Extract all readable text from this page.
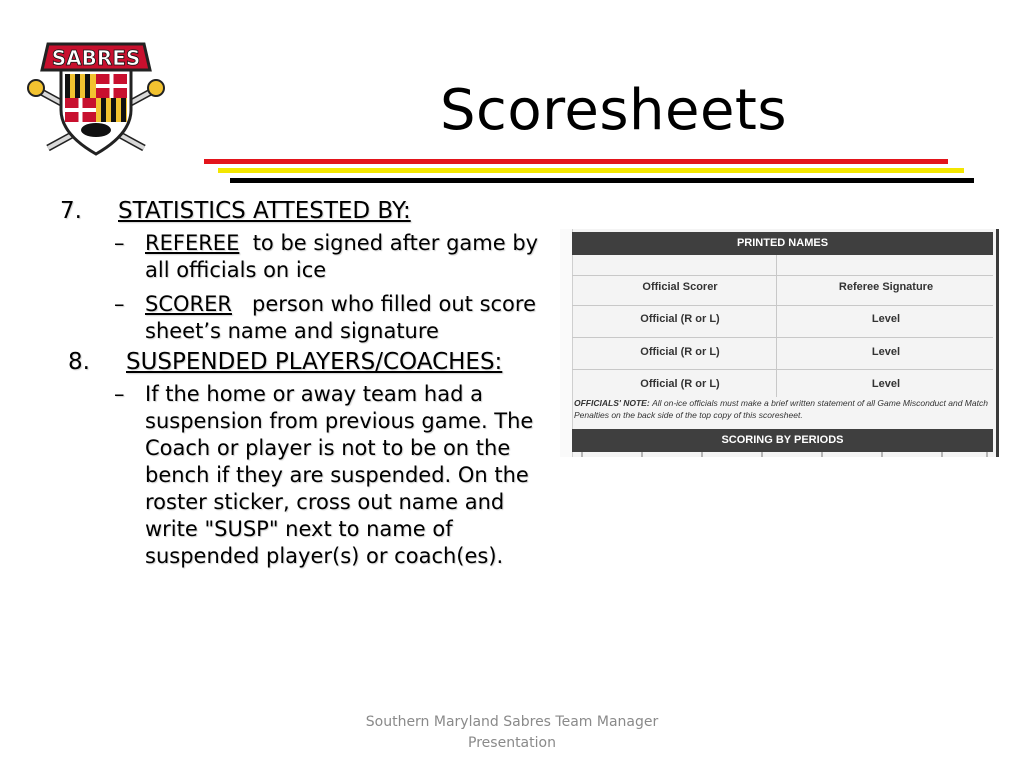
SABRES
Scoresheets
7. STATISTICS ATTESTED BY:
– REFEREE to be signed after game by all officials on ice
– SCORER person who filled out score sheet’s name and signature
8. SUSPENDED PLAYERS/COACHES:
– If the home or away team had a suspension from previous game. The Coach or player is not to be on the bench if they are suspended. On the roster sticker, cross out name and write "SUSP" next to name of suspended player(s) or coach(es).
PRINTED NAMES
Official Scorer	Referee Signature
Official (R or L)	Level
Official (R or L)	Level
Official (R or L)	Level
OFFICIALS' NOTE: All on-ice officials must make a brief written statement of all Game Misconduct and Match Penalties on the back side of the top copy of this scoresheet.
SCORING BY PERIODS
Southern Maryland Sabres Team Manager
Presentation
